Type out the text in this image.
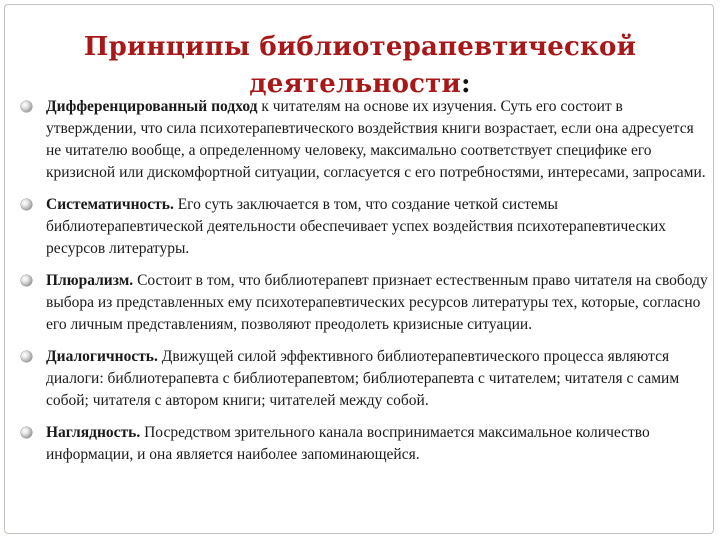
Принципы библиотерапевтической
деятельности:
Дифференцированный подход к читателям на основе их изучения. Суть его состоит в утверждении, что сила психотерапевтического воздействия книги возрастает, если она адресуется не читателю вообще, а определенному человеку, максимально соответствует специфике его кризисной или дискомфортной ситуации, согласуется с его потребностями, интересами, запросами.
Систематичность. Его суть заключается в том, что создание четкой системы библиотерапевтической деятельности обеспечивает успех воздействия психотерапевтических ресурсов литературы.
Плюрализм. Состоит в том, что библиотерапевт признает естественным право читателя на свободу выбора из представленных ему психотерапевтических ресурсов литературы тех, которые, согласно его личным представлениям, позволяют преодолеть кризисные ситуации.
Диалогичность. Движущей силой эффективного библиотерапевтического процесса являются диалоги: библиотерапевта с библиотерапевтом; библиотерапевта с читателем; читателя с самим собой; читателя с автором книги; читателей между собой.
Наглядность. Посредством зрительного канала воспринимается максимальное количество информации, и она является наиболее запоминающейся.
